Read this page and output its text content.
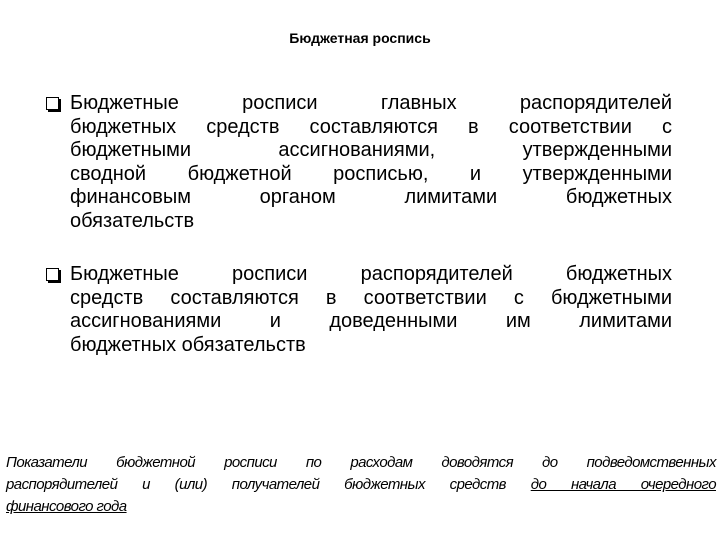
Бюджетная роспись
Бюджетные росписи главных распорядителей
бюджетных средств составляются в соответствии с
бюджетными ассигнованиями, утвержденными
сводной бюджетной росписью, и утвержденными
финансовым органом лимитами бюджетных
обязательств
Бюджетные росписи распорядителей бюджетных
средств составляются в соответствии с бюджетными
ассигнованиями и доведенными им лимитами
бюджетных обязательств
Показатели бюджетной росписи по расходам доводятся до подведомственных
распорядителей и (или) получателей бюджетных средств до начала очередного
финансового года
